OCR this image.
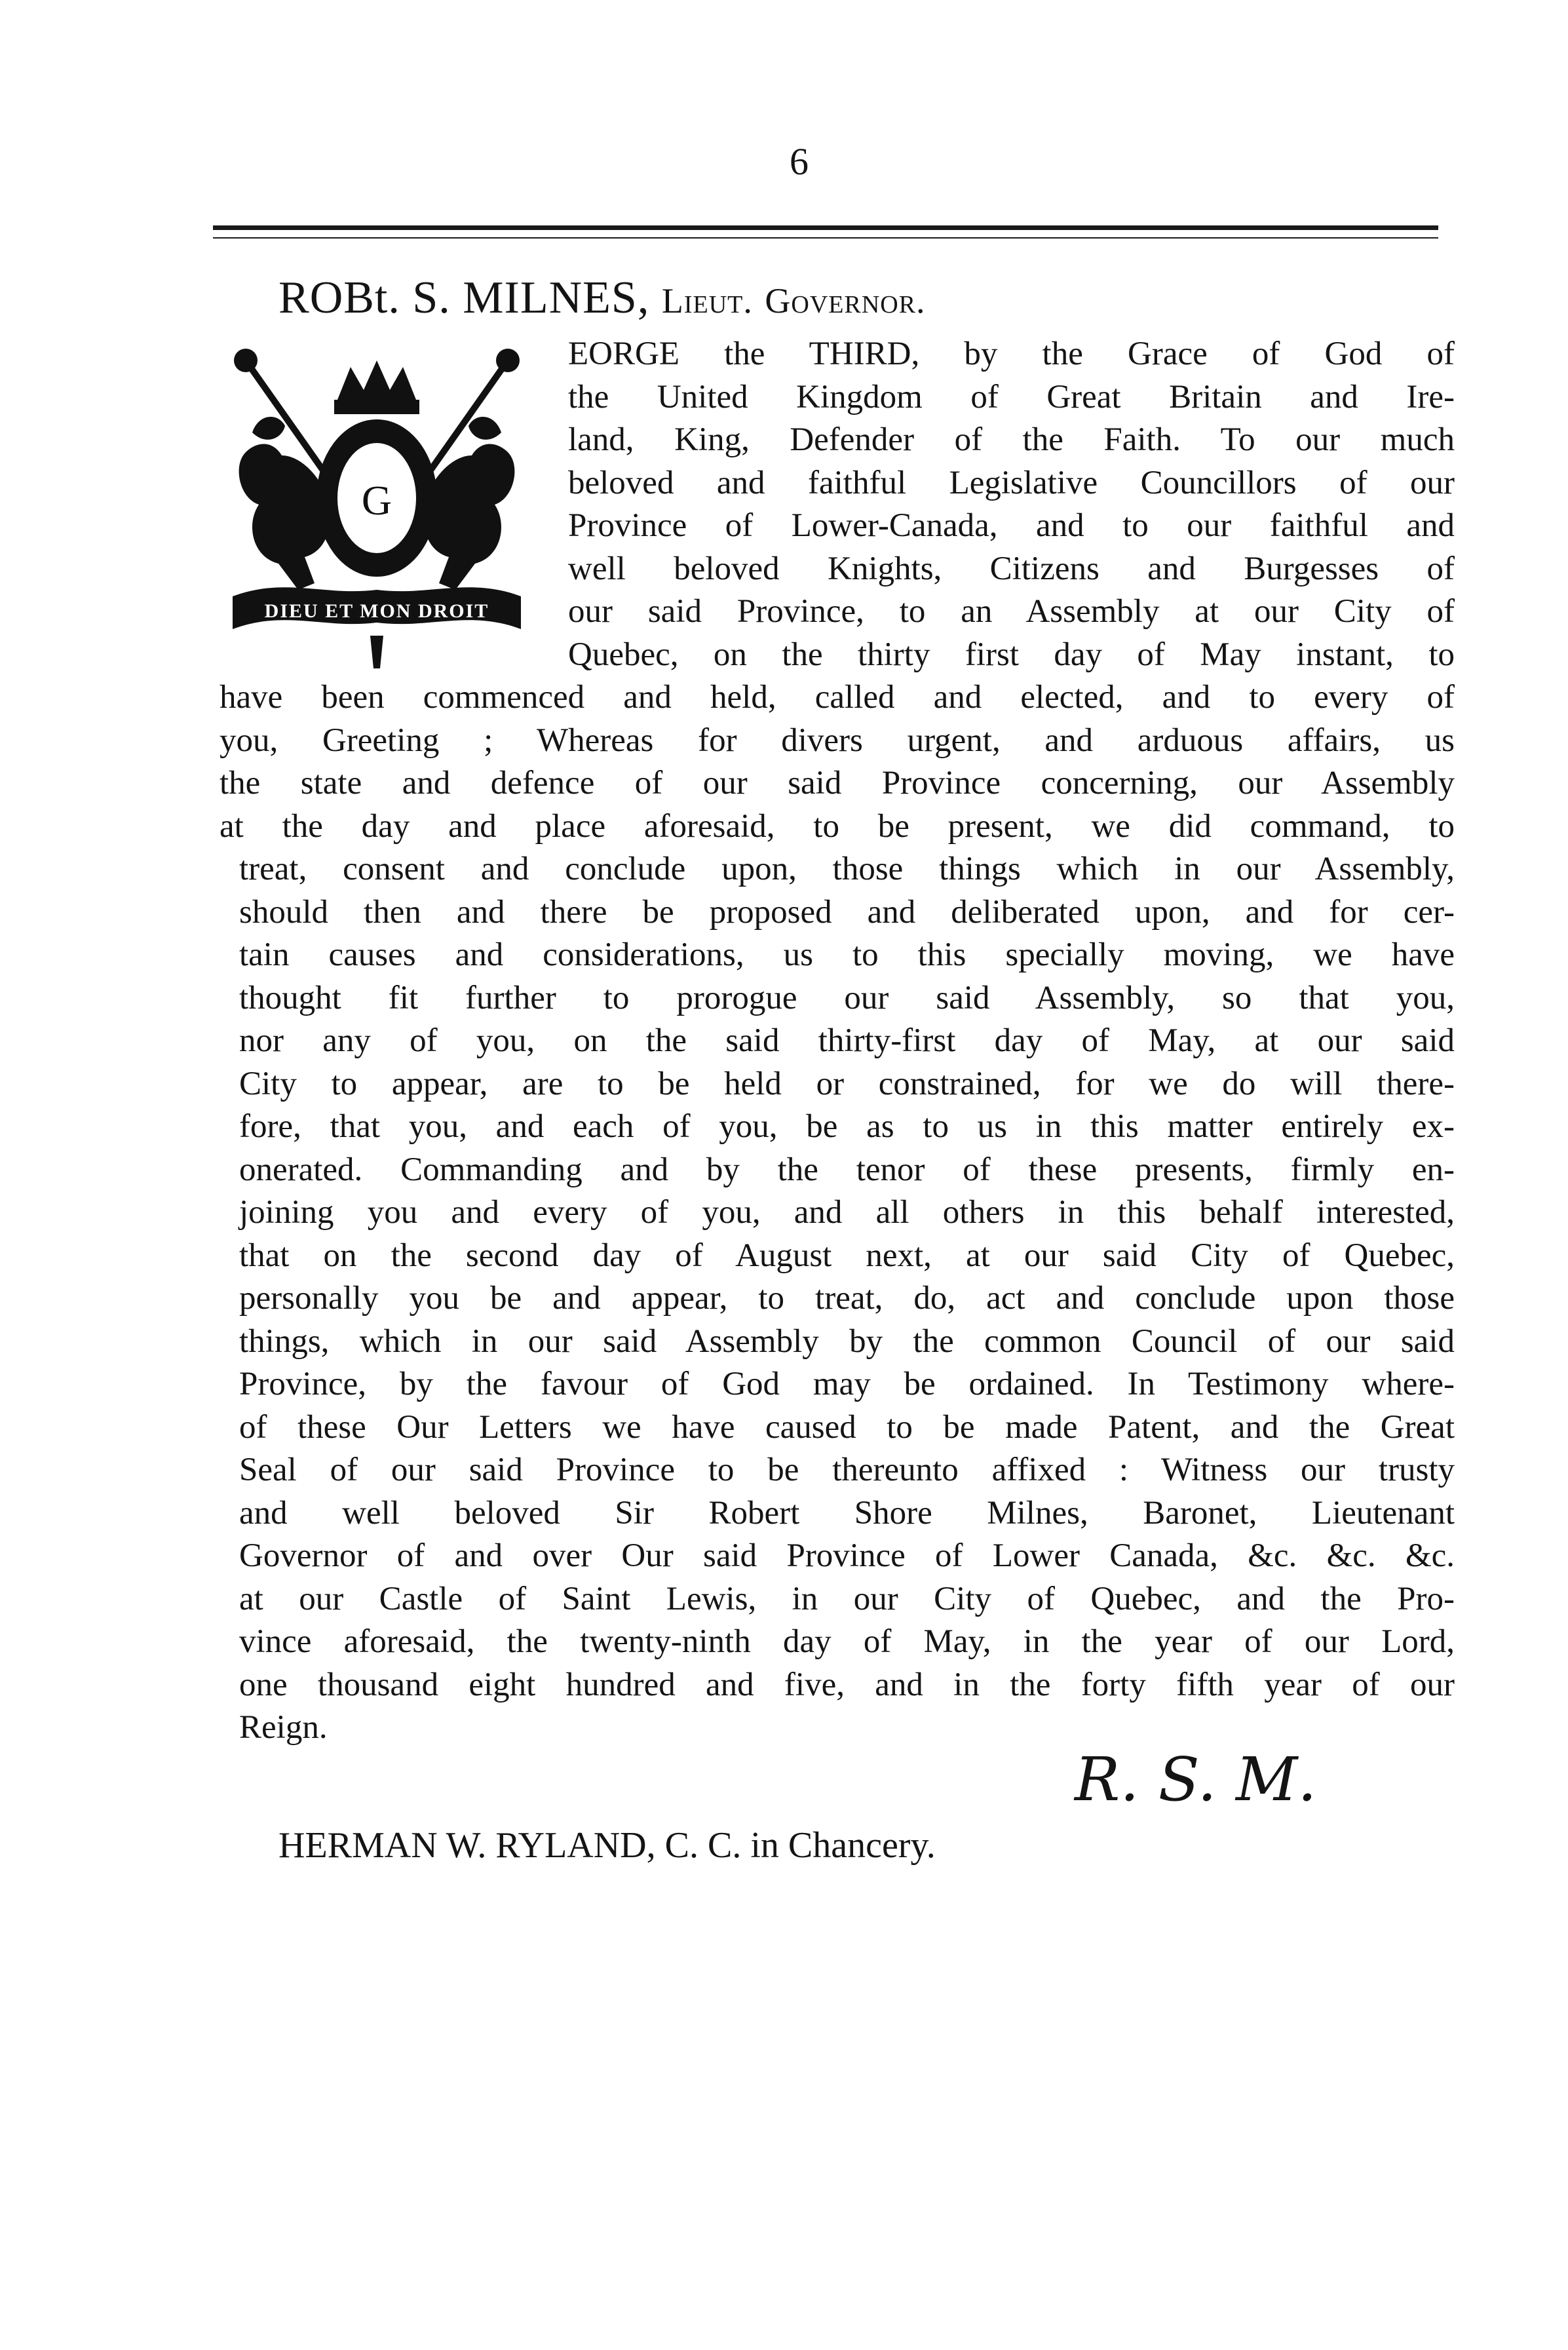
6
ROBt. S. MILNES, Lieut. Governor.
G
DIEU ET MON DROIT
EORGE the THIRD, by the Grace of God of
the United Kingdom of Great Britain and Ire-
land, King, Defender of the Faith. To our much
beloved and faithful Legislative Councillors of our
Province of Lower-Canada, and to our faithful and
well beloved Knights, Citizens and Burgesses of
our said Province, to an Assembly at our City of
Quebec, on the thirty first day of May instant, to
have been commenced and held, called and elected, and to every of
you, Greeting ; Whereas for divers urgent, and arduous affairs, us
the state and defence of our said Province concerning, our Assembly
at the day and place aforesaid, to be present, we did command, to
treat, consent and conclude upon, those things which in our Assembly,
should then and there be proposed and deliberated upon, and for cer-
tain causes and considerations, us to this specially moving, we have
thought fit further to prorogue our said Assembly, so that you,
nor any of you, on the said thirty-first day of May, at our said
City to appear, are to be held or constrained, for we do will there-
fore, that you, and each of you, be as to us in this matter entirely ex-
onerated. Commanding and by the tenor of these presents, firmly en-
joining you and every of you, and all others in this behalf interested,
that on the second day of August next, at our said City of Quebec,
personally you be and appear, to treat, do, act and conclude upon those
things, which in our said Assembly by the common Council of our said
Province, by the favour of God may be ordained. In Testimony where-
of these Our Letters we have caused to be made Patent, and the Great
Seal of our said Province to be thereunto affixed : Witness our trusty
and well beloved Sir Robert Shore Milnes, Baronet, Lieutenant
Governor of and over Our said Province of Lower Canada, &c. &c. &c.
at our Castle of Saint Lewis, in our City of Quebec, and the Pro-
vince aforesaid, the twenty-ninth day of May, in the year of our Lord,
one thousand eight hundred and five, and in the forty fifth year of our
Reign.
R. S. M.
HERMAN W. RYLAND, C. C. in Chancery.
